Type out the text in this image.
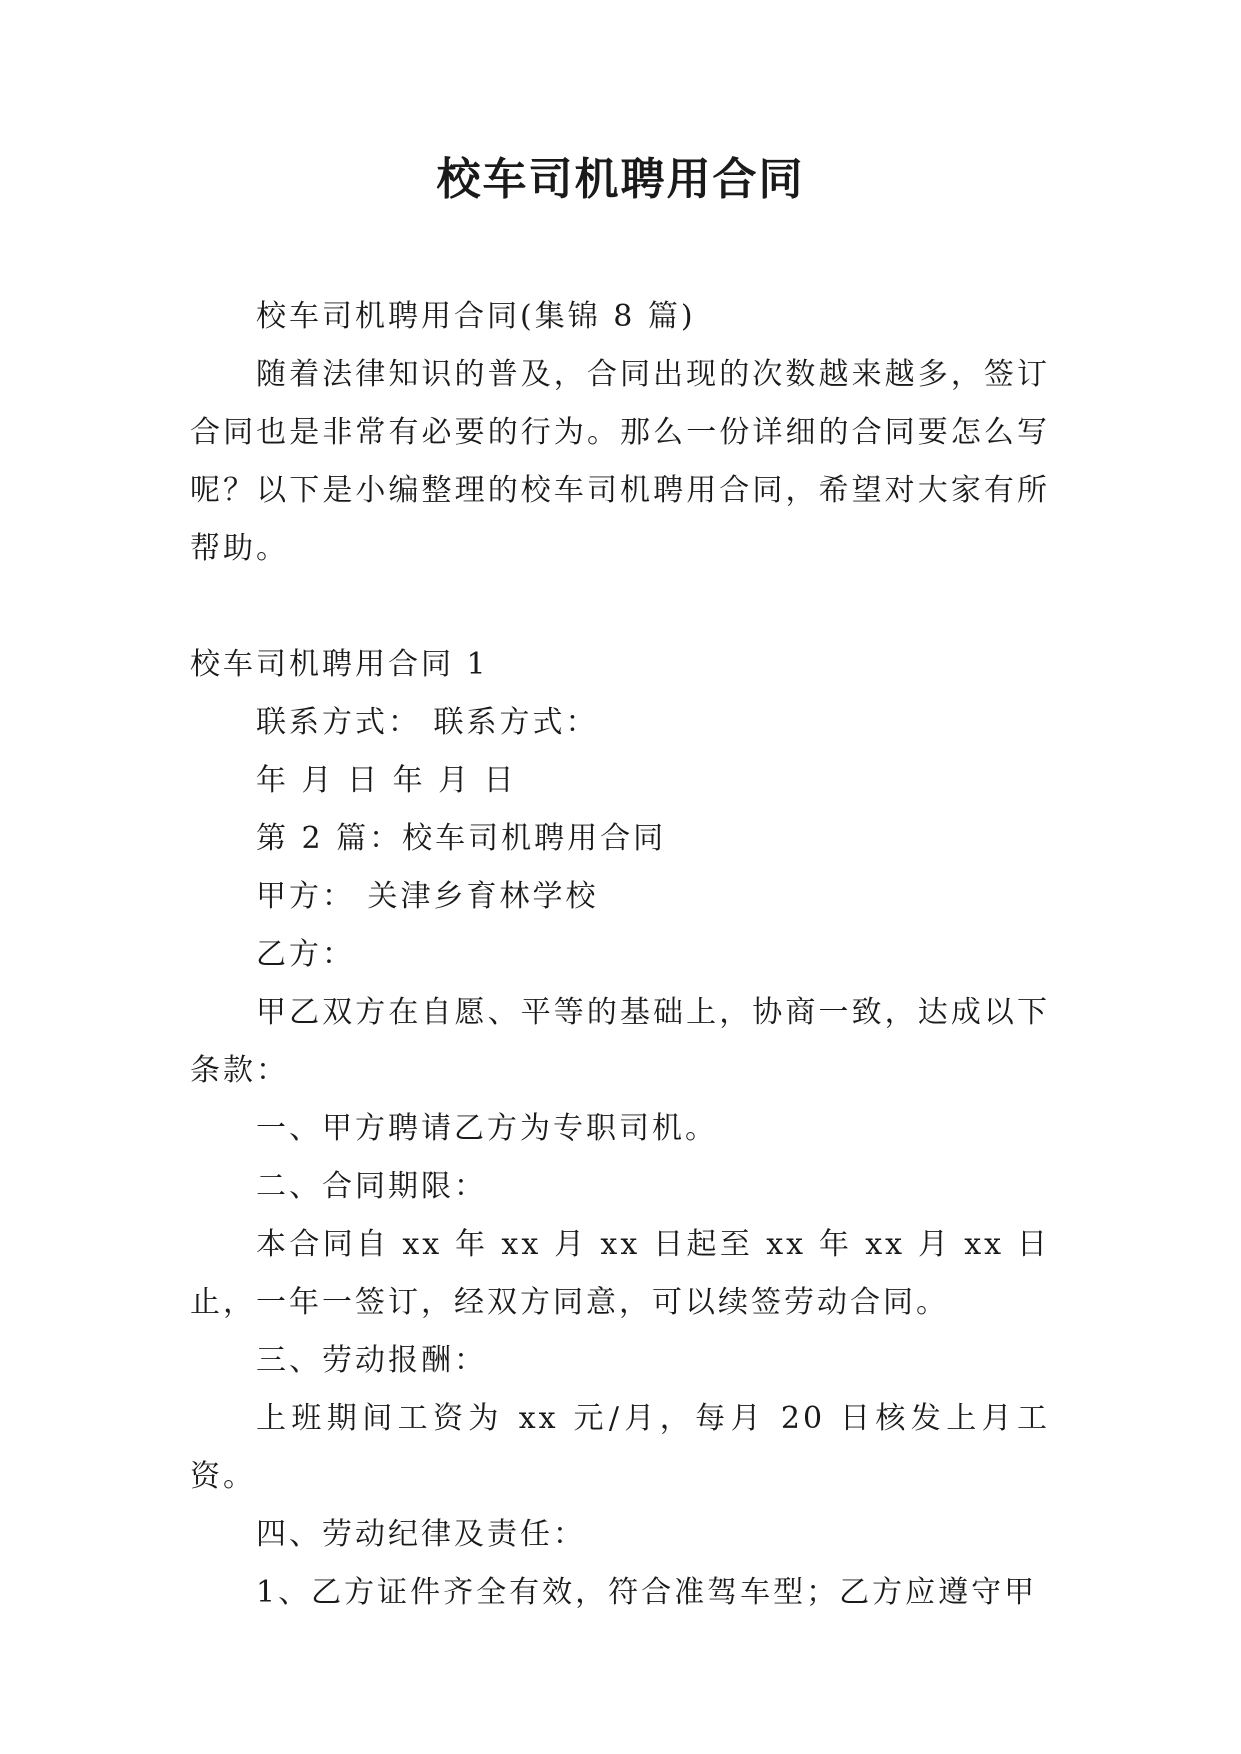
校车司机聘用合同

校车司机聘用合同(集锦 8 篇)

随着法律知识的普及，合同出现的次数越来越多，签订合同也是非常有必要的行为。那么一份详细的合同要怎么写呢？以下是小编整理的校车司机聘用合同，希望对大家有所帮助。

校车司机聘用合同 1

联系方式： 联系方式：

年 月 日 年 月 日

第 2 篇：校车司机聘用合同

甲方： 关津乡育林学校

乙方：

甲乙双方在自愿、平等的基础上，协商一致，达成以下条款：

一、甲方聘请乙方为专职司机。

二、合同期限：

本合同自 xx 年 xx 月 xx 日起至 xx 年 xx 月 xx 日止，一年一签订，经双方同意，可以续签劳动合同。

三、劳动报酬：

上班期间工资为 xx 元/月，每月 20 日核发上月工资。

四、劳动纪律及责任：

1、乙方证件齐全有效，符合准驾车型；乙方应遵守甲
